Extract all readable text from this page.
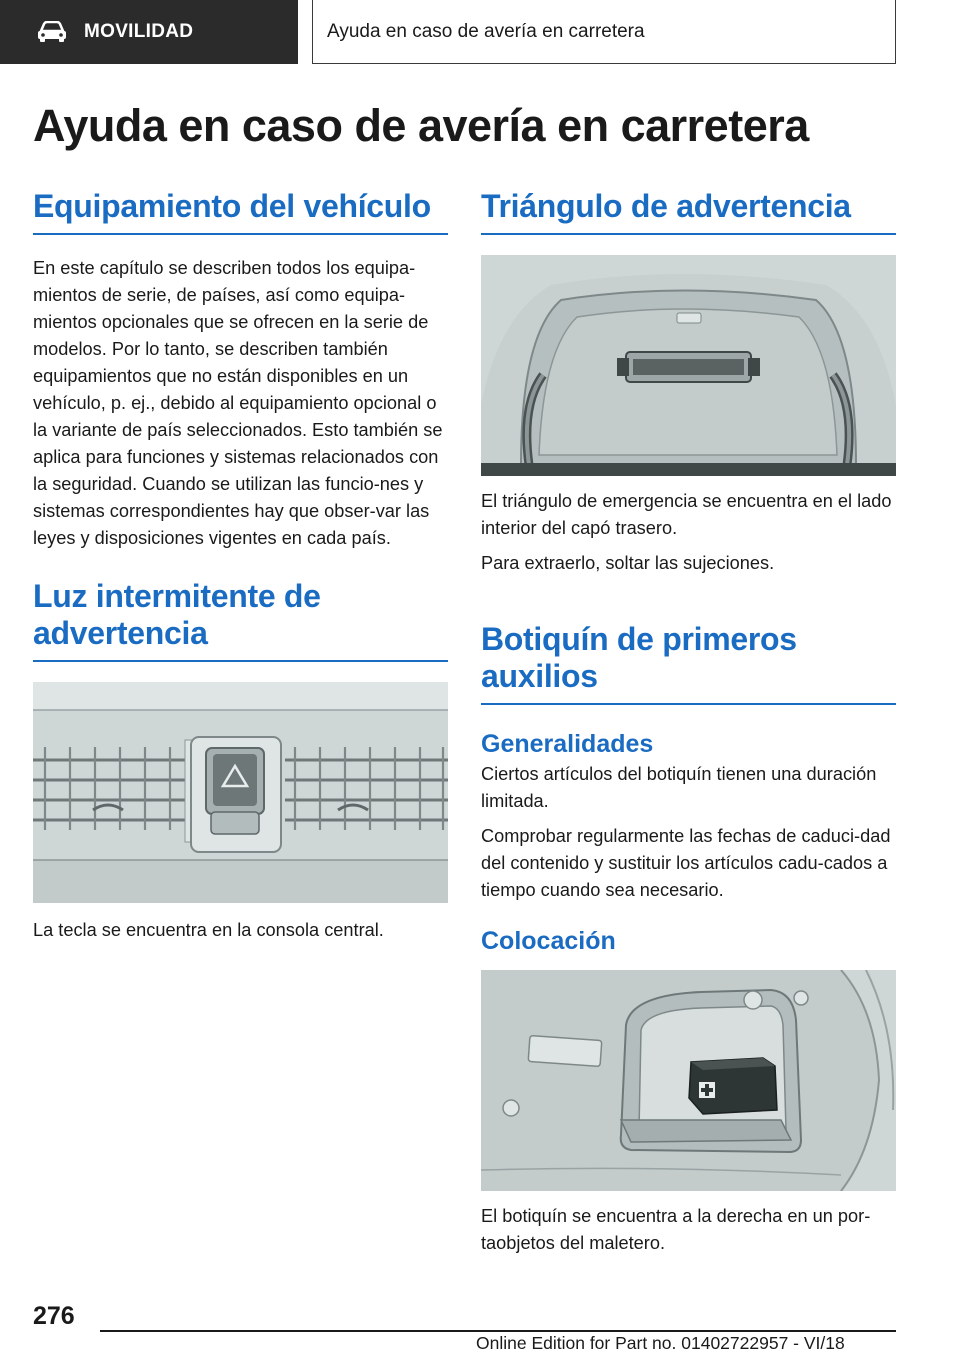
MOVILIDAD	Ayuda en caso de avería en carretera
Ayuda en caso de avería en carretera
Equipamiento del vehículo

En este capítulo se describen todos los equipa-mientos de serie, de países, así como equipa-mientos opcionales que se ofrecen en la serie de modelos. Por lo tanto, se describen también equipamientos que no están disponibles en un vehículo, p. ej., debido al equipamiento opcional o la variante de país seleccionados. Esto también se aplica para funciones y sistemas relacionados con la seguridad. Cuando se utilizan las funcio-nes y sistemas correspondientes hay que obser-var las leyes y disposiciones vigentes en cada país.

Luz intermitente de
advertencia

La tecla se encuentra en la consola central.

Triángulo de advertencia

El triángulo de emergencia se encuentra en el lado interior del capó trasero.

Para extraerlo, soltar las sujeciones.

Botiquín de primeros
auxilios
Generalidades

Ciertos artículos del botiquín tienen una duración limitada.

Comprobar regularmente las fechas de caduci-dad del contenido y sustituir los artículos cadu-cados a tiempo cuando sea necesario.

Colocación

El botiquín se encuentra a la derecha en un por-taobjetos del maletero.

276
Online Edition for Part no. 01402722957 - VI/18
